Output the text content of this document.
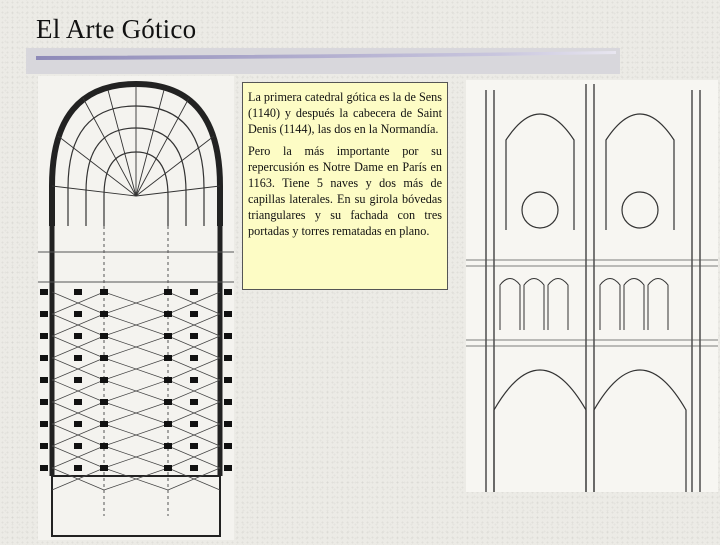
El Arte Gótico

La primera catedral gótica es la de Sens (1140) y después la cabecera de Saint Denis (1144), las dos en la Normandía.

Pero la más importante por su repercusión es Notre Dame en París en 1163. Tiene 5 naves y dos más de capillas laterales. En su girola bóvedas triangulares y su fachada con tres portadas y torres rematadas en plano.
